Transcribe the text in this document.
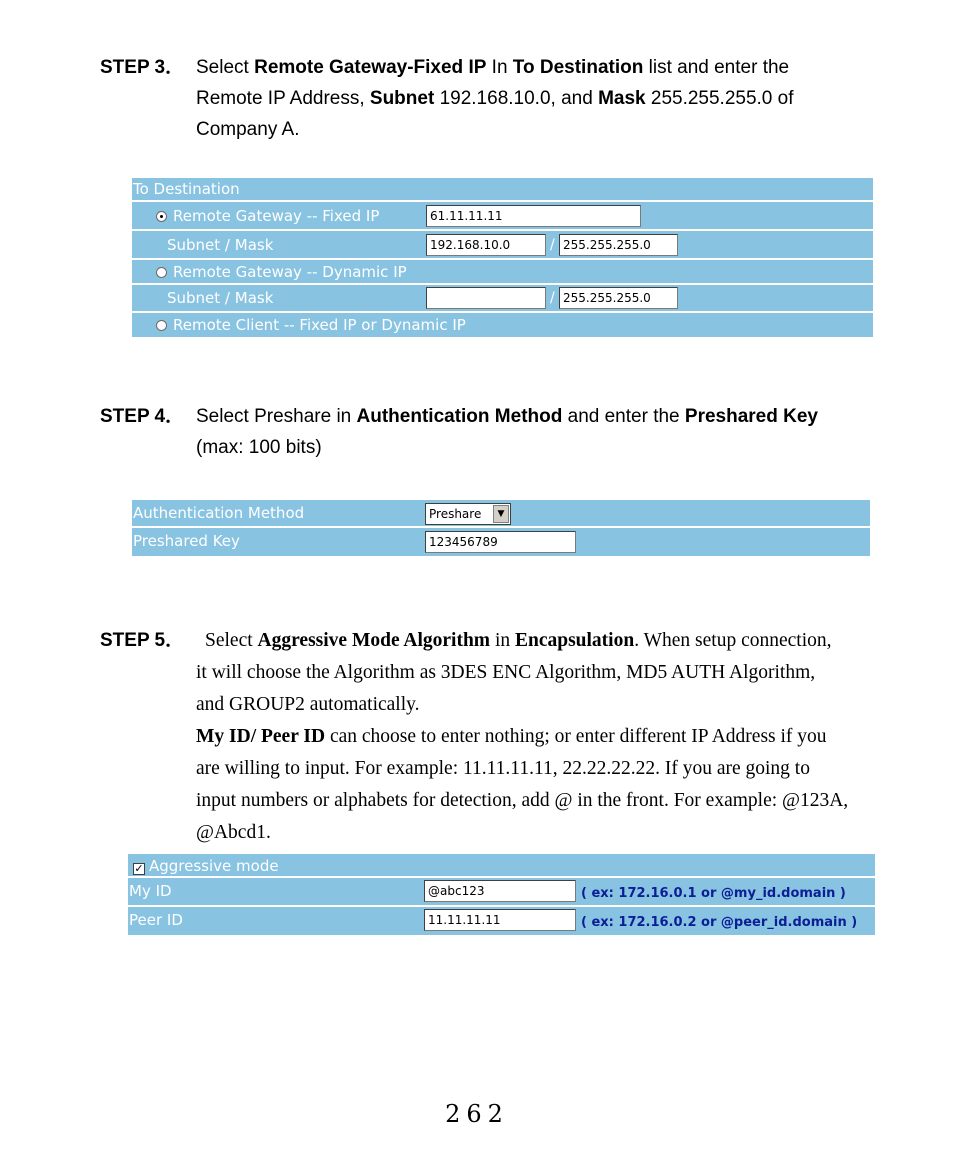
STEP 3． Select Remote Gateway-Fixed IP In To Destination list and enter the
Remote IP Address, Subnet 192.168.10.0, and Mask 255.255.255.0 of
Company A.
To Destination
Remote Gateway -- Fixed IP	61.11.11.11
Subnet / Mask	192.168.10.0	/ 255.255.255.0
Remote Gateway -- Dynamic IP
Subnet / Mask	/ 255.255.255.0
Remote Client -- Fixed IP or Dynamic IP
STEP 4． Select Preshare in Authentication Method and enter the Preshared Key
(max: 100 bits)
Authentication Method	Preshare	▼
Preshared Key	123456789
STEP 5． Select Aggressive Mode Algorithm in Encapsulation. When setup connection,
it will choose the Algorithm as 3DES ENC Algorithm, MD5 AUTH Algorithm,
and GROUP2 automatically.
My ID/ Peer ID can choose to enter nothing; or enter different IP Address if you
are willing to input. For example: 11.11.11.11, 22.22.22.22. If you are going to
input numbers or alphabets for detection, add @ in the front. For example: @123A,
@Abcd1.
✓ Aggressive mode
My ID	@abc123	( ex: 172.16.0.1 or @my_id.domain )
Peer ID	11.11.11.11	( ex: 172.16.0.2 or @peer_id.domain )
262
